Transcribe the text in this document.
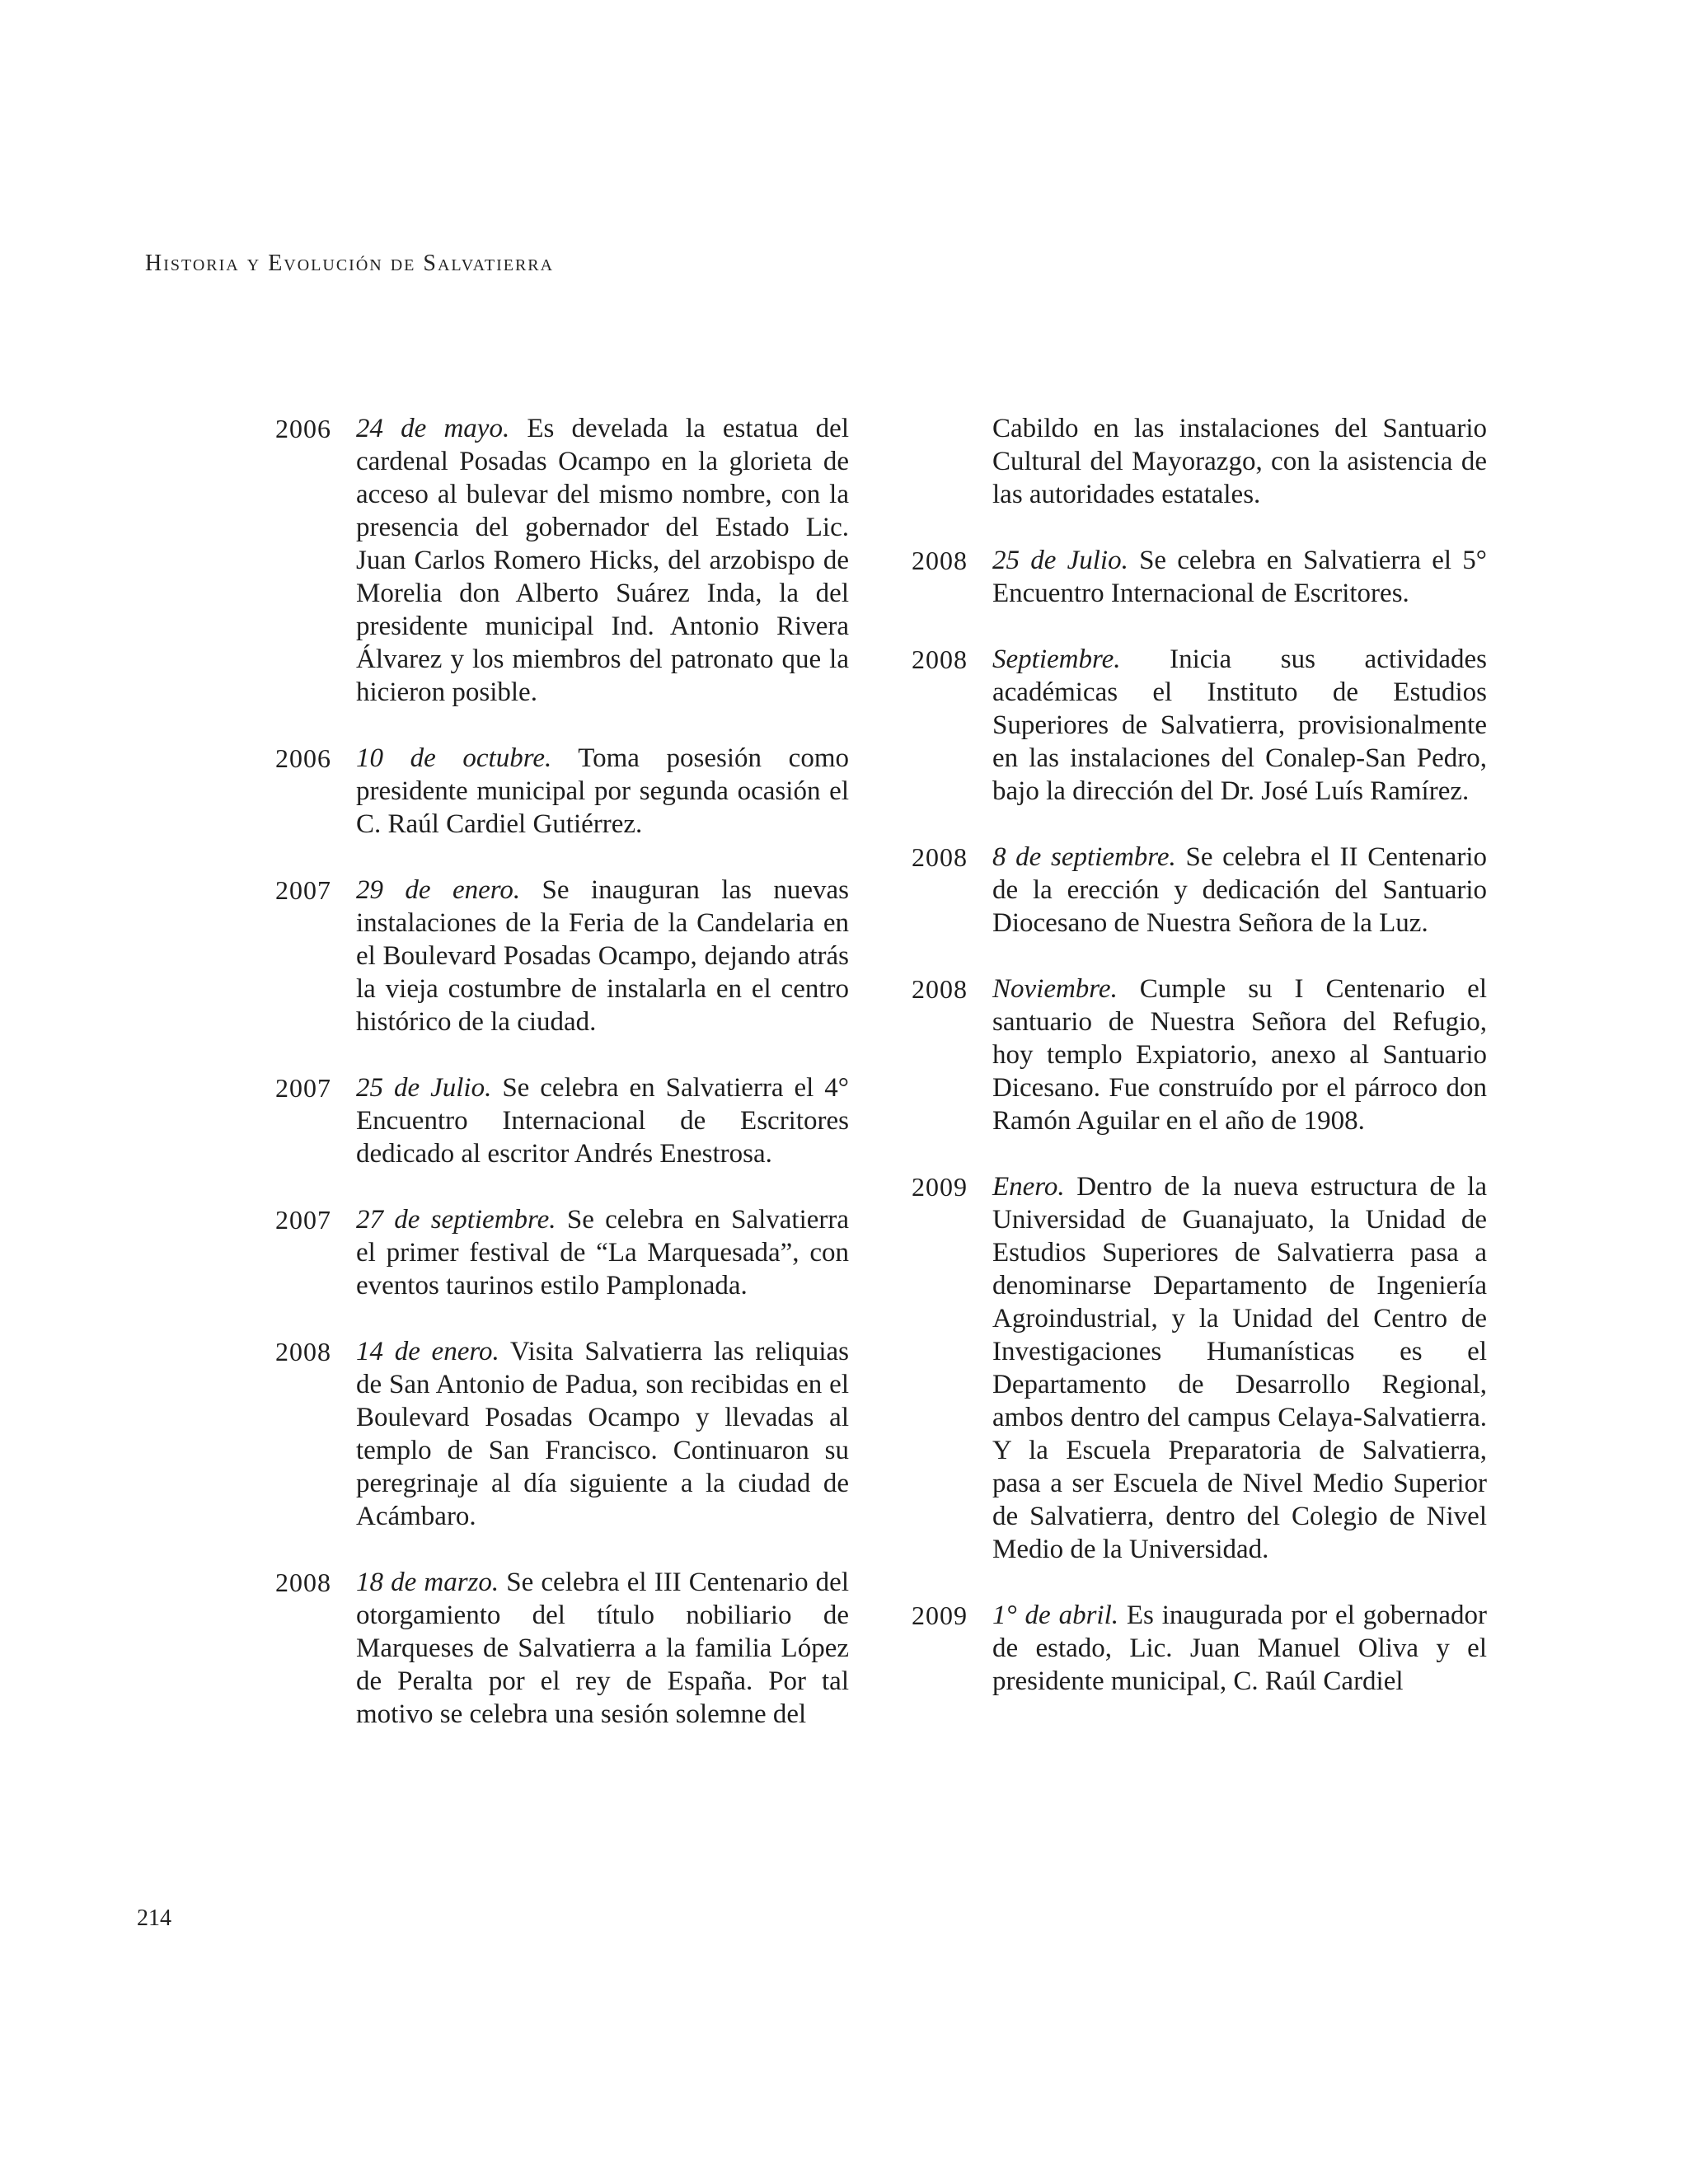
Historia y Evolución de Salvatierra
2006 24 de mayo. Es develada la estatua del cardenal Posadas Ocampo en la glorieta de acceso al bulevar del mismo nombre, con la presencia del gobernador del Estado Lic. Juan Carlos Romero Hicks, del arzobispo de Morelia don Alberto Suárez Inda, la del presidente municipal Ind. Antonio Rivera Álvarez y los miembros del patronato que la hicieron posible.
2006 10 de octubre. Toma posesión como presidente municipal por segunda ocasión el C. Raúl Cardiel Gutiérrez.
2007 29 de enero. Se inauguran las nuevas instalaciones de la Feria de la Candelaria en el Boulevard Posadas Ocampo, dejando atrás la vieja costumbre de instalarla en el centro histórico de la ciudad.
2007 25 de Julio. Se celebra en Salvatierra el 4° Encuentro Internacional de Escritores dedicado al escritor Andrés Enestrosa.
2007 27 de septiembre. Se celebra en Salvatierra el primer festival de “La Marquesada”, con eventos taurinos estilo Pamplonada.
2008 14 de enero. Visita Salvatierra las reliquias de San Antonio de Padua, son recibidas en el Boulevard Posadas Ocampo y llevadas al templo de San Francisco. Continuaron su peregrinaje al día siguiente a la ciudad de Acámbaro.
2008 18 de marzo. Se celebra el III Centenario del otorgamiento del título nobiliario de Marqueses de Salvatierra a la familia López de Peralta por el rey de España. Por tal motivo se celebra una sesión solemne del
Cabildo en las instalaciones del Santuario Cultural del Mayorazgo, con la asistencia de las autoridades estatales.
2008 25 de Julio. Se celebra en Salvatierra el 5° Encuentro Internacional de Escritores.
2008 Septiembre. Inicia sus actividades académicas el Instituto de Estudios Superiores de Salvatierra, provisionalmente en las instalaciones del Conalep-San Pedro, bajo la dirección del Dr. José Luís Ramírez.
2008 8 de septiembre. Se celebra el II Centenario de la erección y dedicación del Santuario Diocesano de Nuestra Señora de la Luz.
2008 Noviembre. Cumple su I Centenario el santuario de Nuestra Señora del Refugio, hoy templo Expiatorio, anexo al Santuario Dicesano. Fue construído por el párroco don Ramón Aguilar en el año de 1908.
2009 Enero. Dentro de la nueva estructura de la Universidad de Guanajuato, la Unidad de Estudios Superiores de Salvatierra pasa a denominarse Departamento de Ingeniería Agroindustrial, y la Unidad del Centro de Investigaciones Humanísticas es el Departamento de Desarrollo Regional, ambos dentro del campus Celaya-Salvatierra. Y la Escuela Preparatoria de Salvatierra, pasa a ser Escuela de Nivel Medio Superior de Salvatierra, dentro del Colegio de Nivel Medio de la Universidad.
2009 1° de abril. Es inaugurada por el gobernador de estado, Lic. Juan Manuel Oliva y el presidente municipal, C. Raúl Cardiel
214
